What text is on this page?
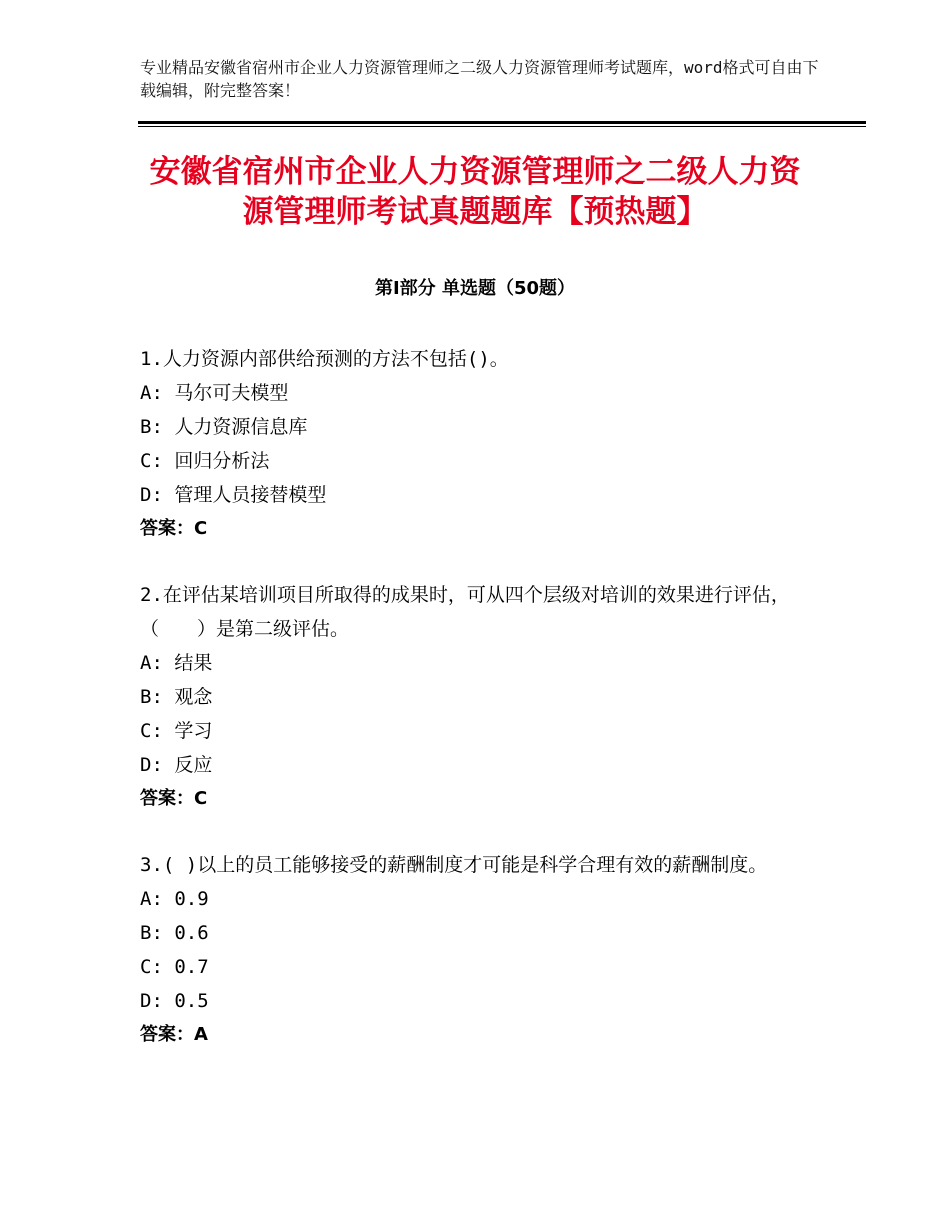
专业精品安徽省宿州市企业人力资源管理师之二级人力资源管理师考试题库，word格式可自由下载编辑，附完整答案！
安徽省宿州市企业人力资源管理师之二级人力资源管理师考试真题题库【预热题】
第Ⅰ部分 单选题（50题）
1.人力资源内部供给预测的方法不包括()。
A: 马尔可夫模型
B: 人力资源信息库
C: 回归分析法
D: 管理人员接替模型
答案：C
2.在评估某培训项目所取得的成果时，可从四个层级对培训的效果进行评估，（　　）是第二级评估。
A: 结果
B: 观念
C: 学习
D: 反应
答案：C
3.( )以上的员工能够接受的薪酬制度才可能是科学合理有效的薪酬制度。
A: 0.9
B: 0.6
C: 0.7
D: 0.5
答案：A
